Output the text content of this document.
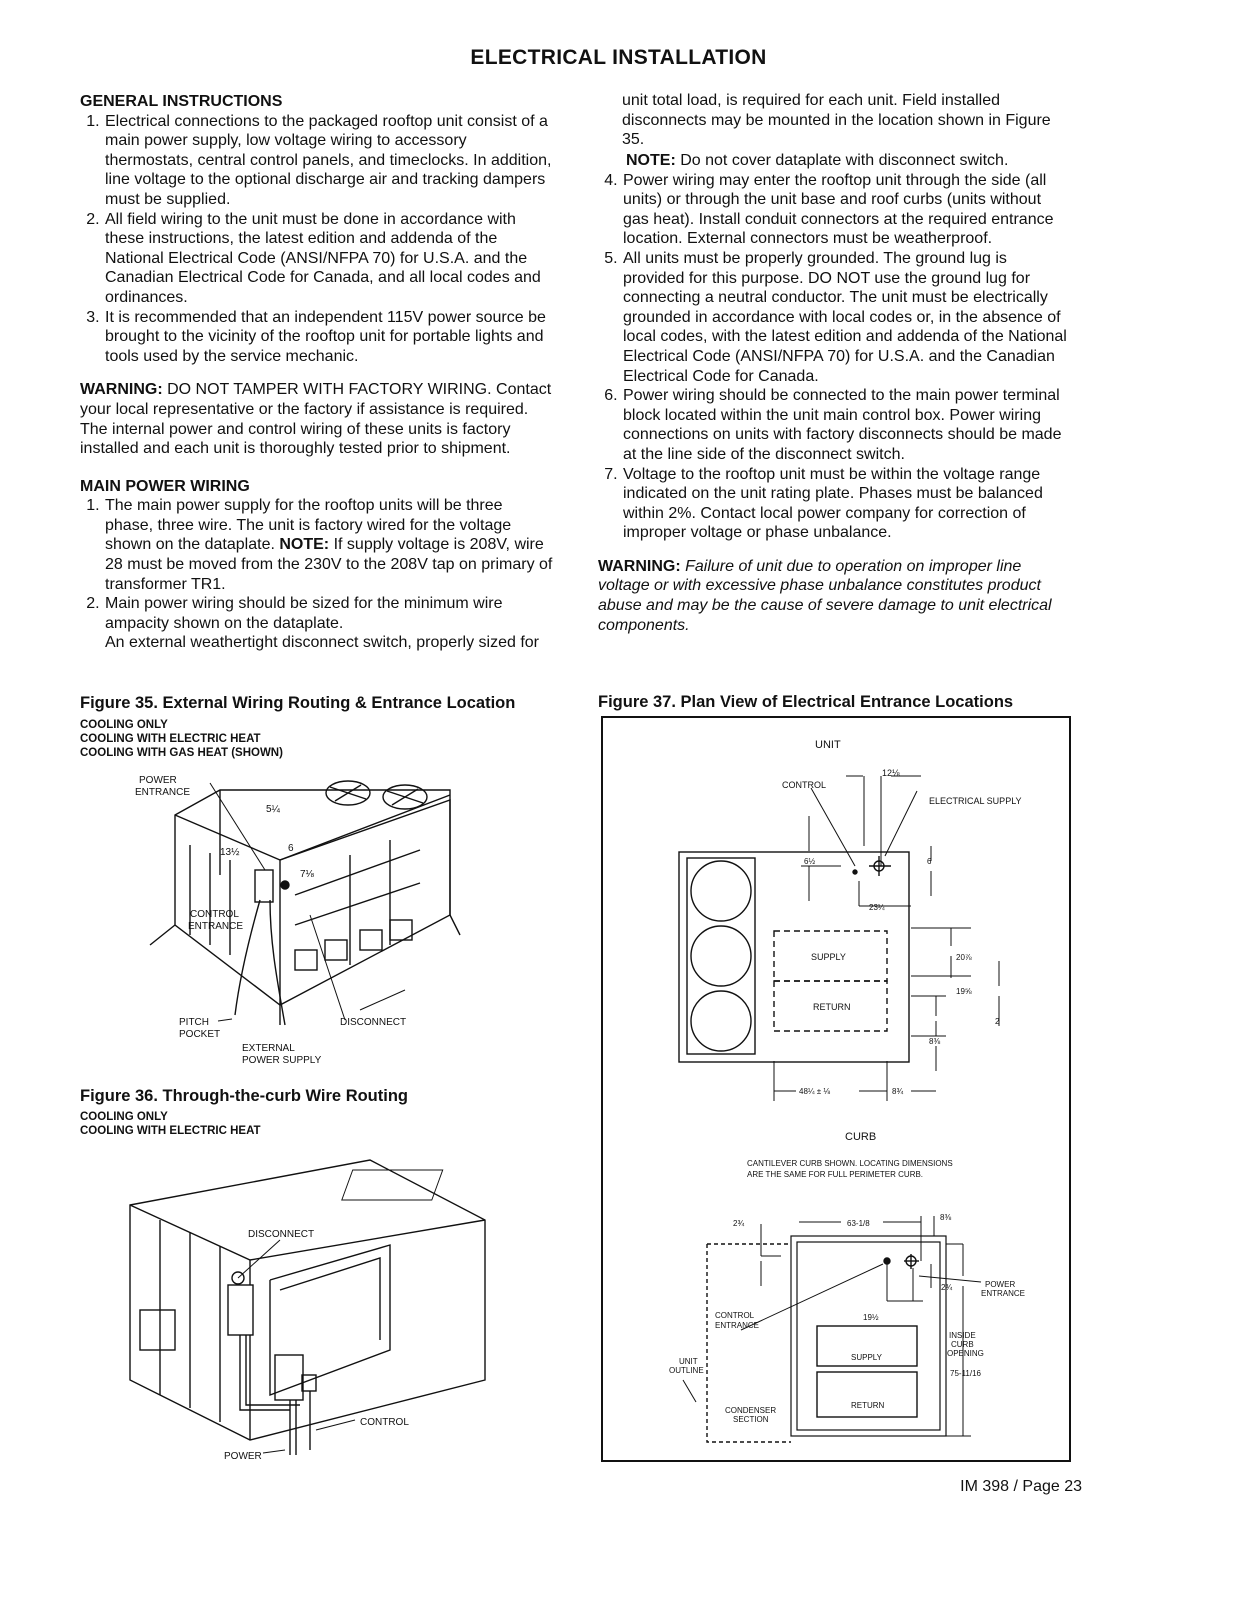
ELECTRICAL INSTALLATION

GENERAL INSTRUCTIONS

1. Electrical connections to the packaged rooftop unit consist of a main power supply, low voltage wiring to accessory thermostats, central control panels, and timeclocks. In addition, line voltage to the optional discharge air and tracking dampers must be supplied.
2. All field wiring to the unit must be done in accordance with these instructions, the latest edition and addenda of the National Electrical Code (ANSI/NFPA 70) for U.S.A. and the Canadian Electrical Code for Canada, and all local codes and ordinances.
3. It is recommended that an independent 115V power source be brought to the vicinity of the rooftop unit for portable lights and tools used by the service mechanic.

WARNING: DO NOT TAMPER WITH FACTORY WIRING. Contact your local representative or the factory if assistance is required. The internal power and control wiring of these units is factory installed and each unit is thoroughly tested prior to shipment.

MAIN POWER WIRING

1. The main power supply for the rooftop units will be three phase, three wire. The unit is factory wired for the voltage shown on the dataplate. NOTE: If supply voltage is 208V, wire 28 must be moved from the 230V to the 208V tap on primary of transformer TR1.
2. Main power wiring should be sized for the minimum wire ampacity shown on the dataplate.
3. An external weathertight disconnect switch, properly sized for
unit total load, is required for each unit. Field installed disconnects may be mounted in the location shown in Figure 35.

NOTE: Do not cover dataplate with disconnect switch.

4. Power wiring may enter the rooftop unit through the side (all units) or through the unit base and roof curbs (units without gas heat). Install conduit connectors at the required entrance location. External connectors must be weatherproof.
5. All units must be properly grounded. The ground lug is provided for this purpose. DO NOT use the ground lug for connecting a neutral conductor. The unit must be electrically grounded in accordance with local codes or, in the absence of local codes, with the latest edition and addenda of the National Electrical Code (ANSI/NFPA 70) for U.S.A. and the Canadian Electrical Code for Canada.
6. Power wiring should be connected to the main power terminal block located within the unit main control box. Power wiring connections on units with factory disconnects should be made at the line side of the disconnect switch.
7. Voltage to the rooftop unit must be within the voltage range indicated on the unit rating plate. Phases must be balanced within 2%. Contact local power company for correction of improper voltage or phase unbalance.

WARNING: Failure of unit due to operation on improper line voltage or with excessive phase unbalance constitutes product abuse and may be the cause of severe damage to unit electrical components.

Figure 35. External Wiring Routing & Entrance Location
COOLING ONLY
COOLING WITH ELECTRIC HEAT
COOLING WITH GAS HEAT (SHOWN)
POWER
ENTRANCE
5¼
6
13½
7⅛
CONTROL
ENTRANCE
PITCH
POCKET
DISCONNECT
EXTERNAL
POWER SUPPLY
Figure 36. Through-the-curb Wire Routing
COOLING ONLY
COOLING WITH ELECTRIC HEAT
DISCONNECT
CONTROL
POWER
Figure 37. Plan View of Electrical Entrance Locations
UNIT
CONTROL
12⅛
ELECTRICAL SUPPLY
6½	6
23¼
SUPPLY
RETURN
20⅞
19⅝
2
8⅜
48¼ ± ⅛	8¾
CURB
CANTILEVER CURB SHOWN. LOCATING DIMENSIONS
ARE THE SAME FOR FULL PERIMETER CURB.
2¾	63-1/8
8⅜
2¾	POWER
ENTRANCE
CONTROL
ENTRANCE
19½
INSIDE
CURB
OPENING
75-11/16
SUPPLY
RETURN
UNIT
OUTLINE
CONDENSER
SECTION
IM 398 / Page 23
